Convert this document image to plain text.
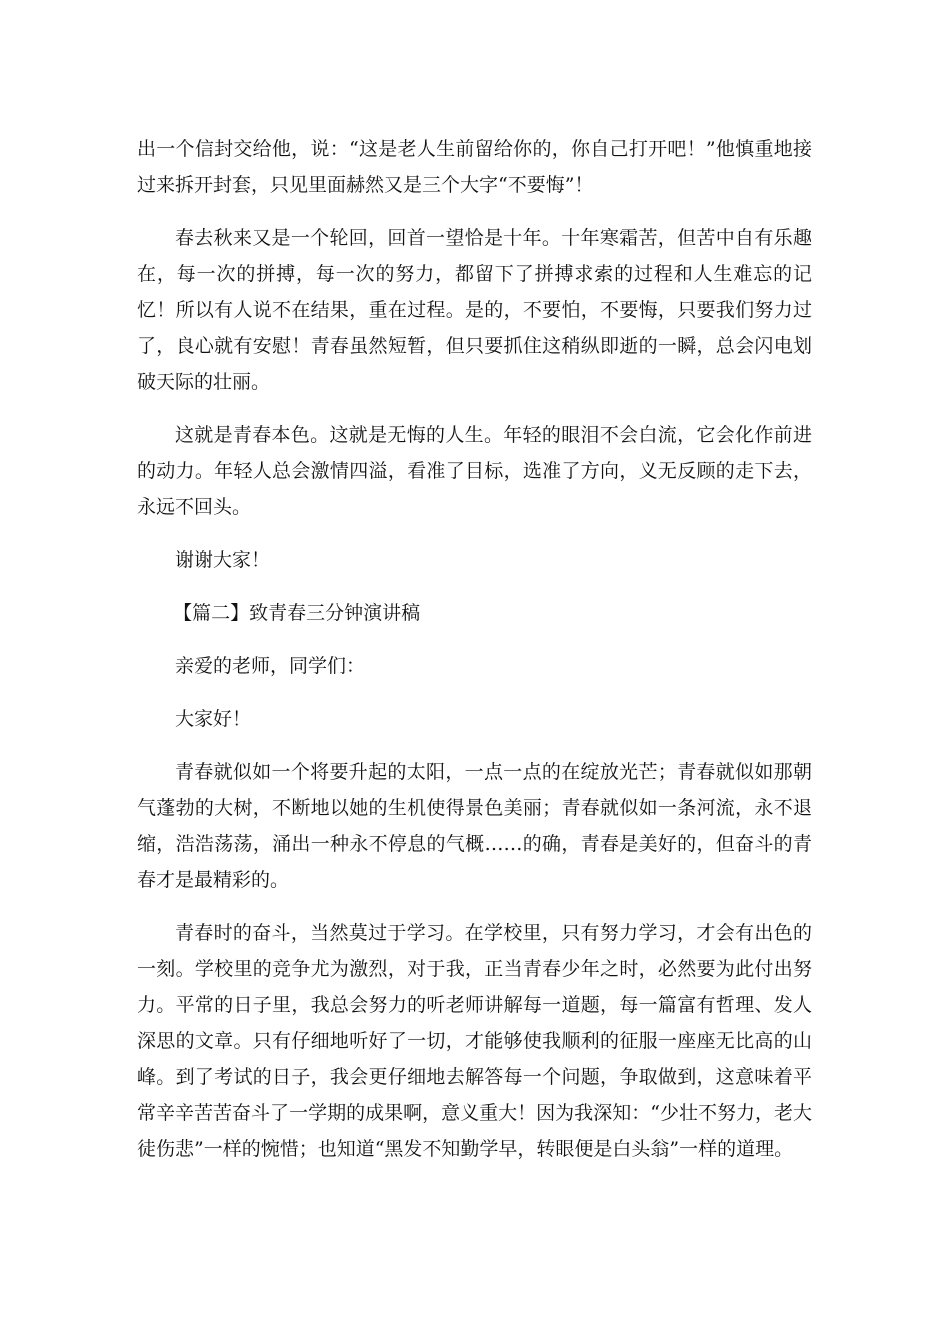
出一个信封交给他，说：“这是老人生前留给你的，你自己打开吧！”他慎重地接过来拆开封套，只见里面赫然又是三个大字“不要悔”！

春去秋来又是一个轮回，回首一望恰是十年。十年寒霜苦，但苦中自有乐趣在，每一次的拼搏，每一次的努力，都留下了拼搏求索的过程和人生难忘的记忆！所以有人说不在结果，重在过程。是的，不要怕，不要悔，只要我们努力过了，良心就有安慰！青春虽然短暂，但只要抓住这稍纵即逝的一瞬，总会闪电划破天际的壮丽。

这就是青春本色。这就是无悔的人生。年轻的眼泪不会白流，它会化作前进的动力。年轻人总会激情四溢，看准了目标，选准了方向，义无反顾的走下去，永远不回头。

谢谢大家！

【篇二】致青春三分钟演讲稿

亲爱的老师，同学们：

大家好！

青春就似如一个将要升起的太阳，一点一点的在绽放光芒；青春就似如那朝气蓬勃的大树，不断地以她的生机使得景色美丽；青春就似如一条河流，永不退缩，浩浩荡荡，涌出一种永不停息的气概……的确，青春是美好的，但奋斗的青春才是最精彩的。

青春时的奋斗，当然莫过于学习。在学校里，只有努力学习，才会有出色的一刻。学校里的竞争尤为激烈，对于我，正当青春少年之时，必然要为此付出努力。平常的日子里，我总会努力的听老师讲解每一道题，每一篇富有哲理、发人深思的文章。只有仔细地听好了一切，才能够使我顺利的征服一座座无比高的山峰。到了考试的日子，我会更仔细地去解答每一个问题，争取做到，这意味着平常辛辛苦苦奋斗了一学期的成果啊，意义重大！因为我深知：“少壮不努力，老大徒伤悲”一样的惋惜；也知道“黑发不知勤学早，转眼便是白头翁”一样的道理。
